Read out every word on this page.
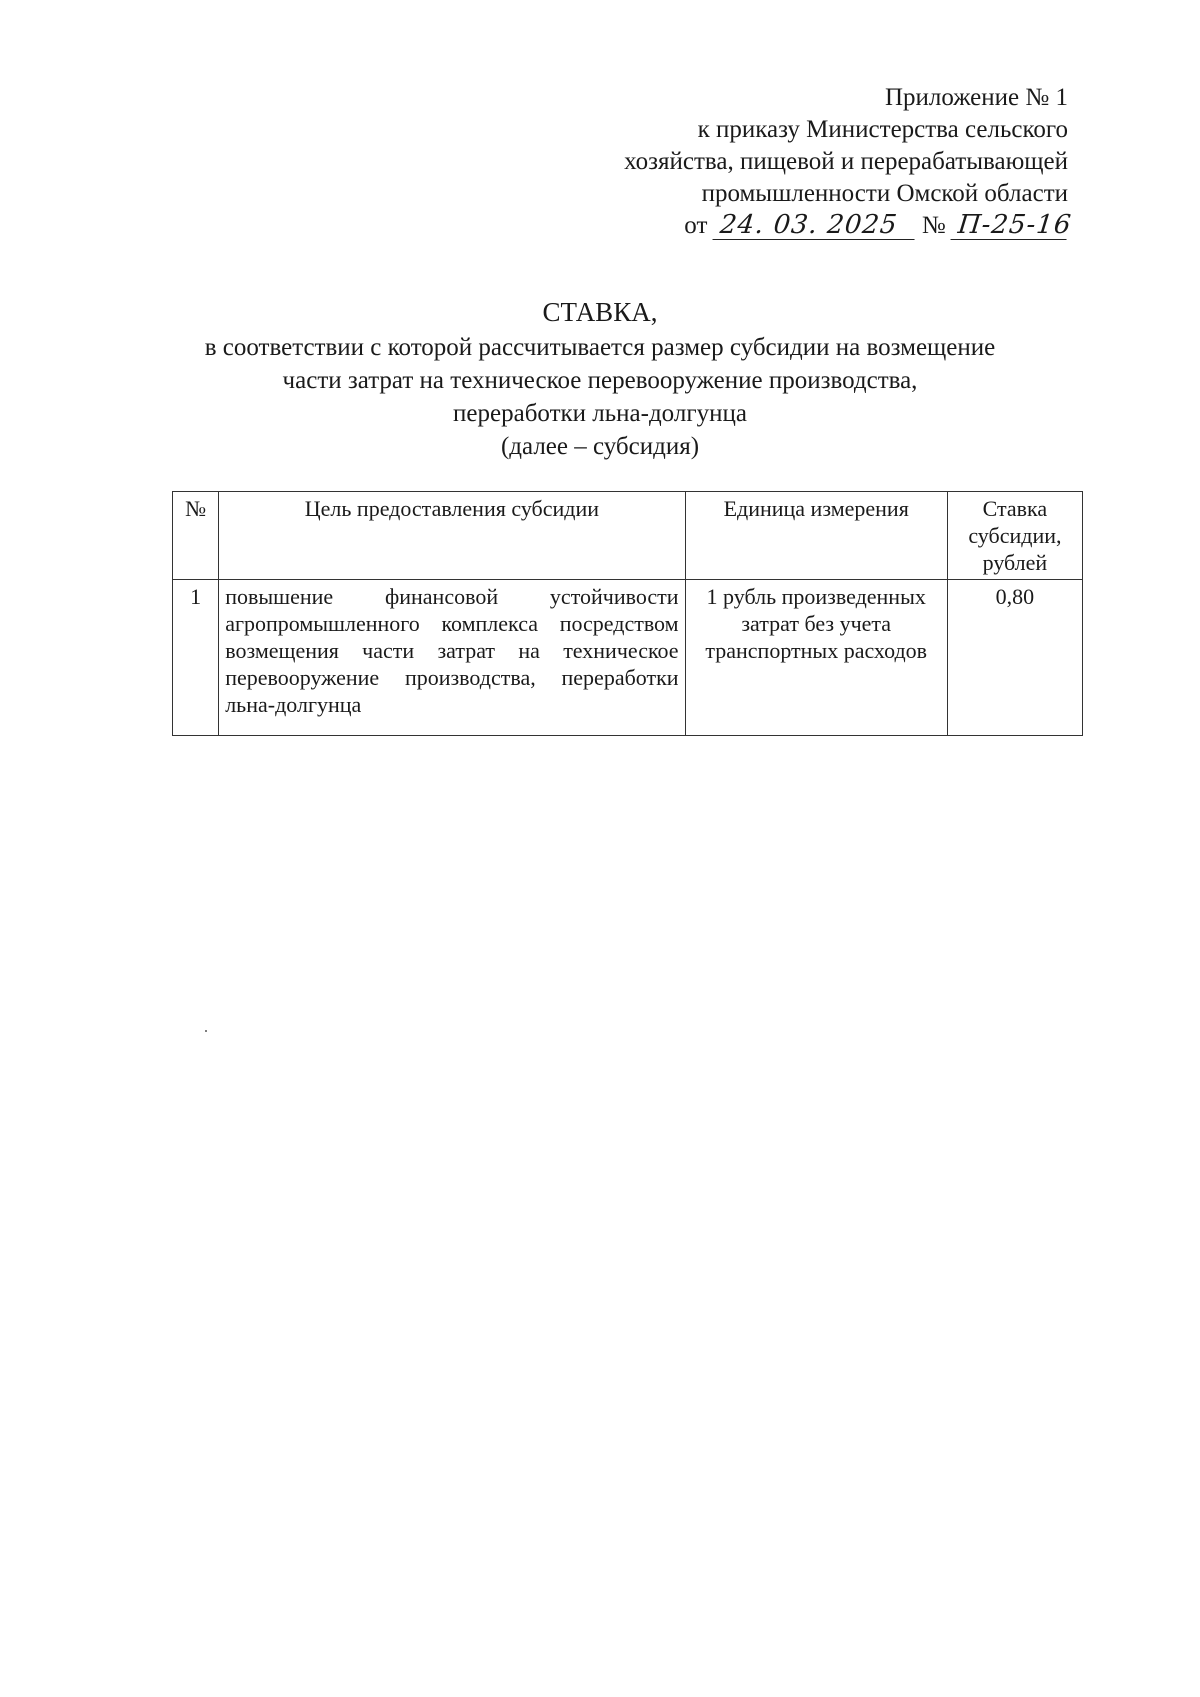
Приложение № 1
к приказу Министерства сельского
хозяйства, пищевой и перерабатывающей
промышленности Омской области
от 24. 03. 2025 № П-25-16
СТАВКА,
в соответствии с которой рассчитывается размер субсидии на возмещение
части затрат на техническое перевооружение производства,
переработки льна-долгунца
(далее – субсидия)
№	Цель предоставления субсидии	Единица измерения	Ставка субсидии, рублей
1	повышение финансовой устойчивости агропромышленного комплекса посредством возмещения части затрат на техническое перевооружение производства, переработки льна-долгунца	1 рубль произведенных затрат без учета транспортных расходов	0,80
